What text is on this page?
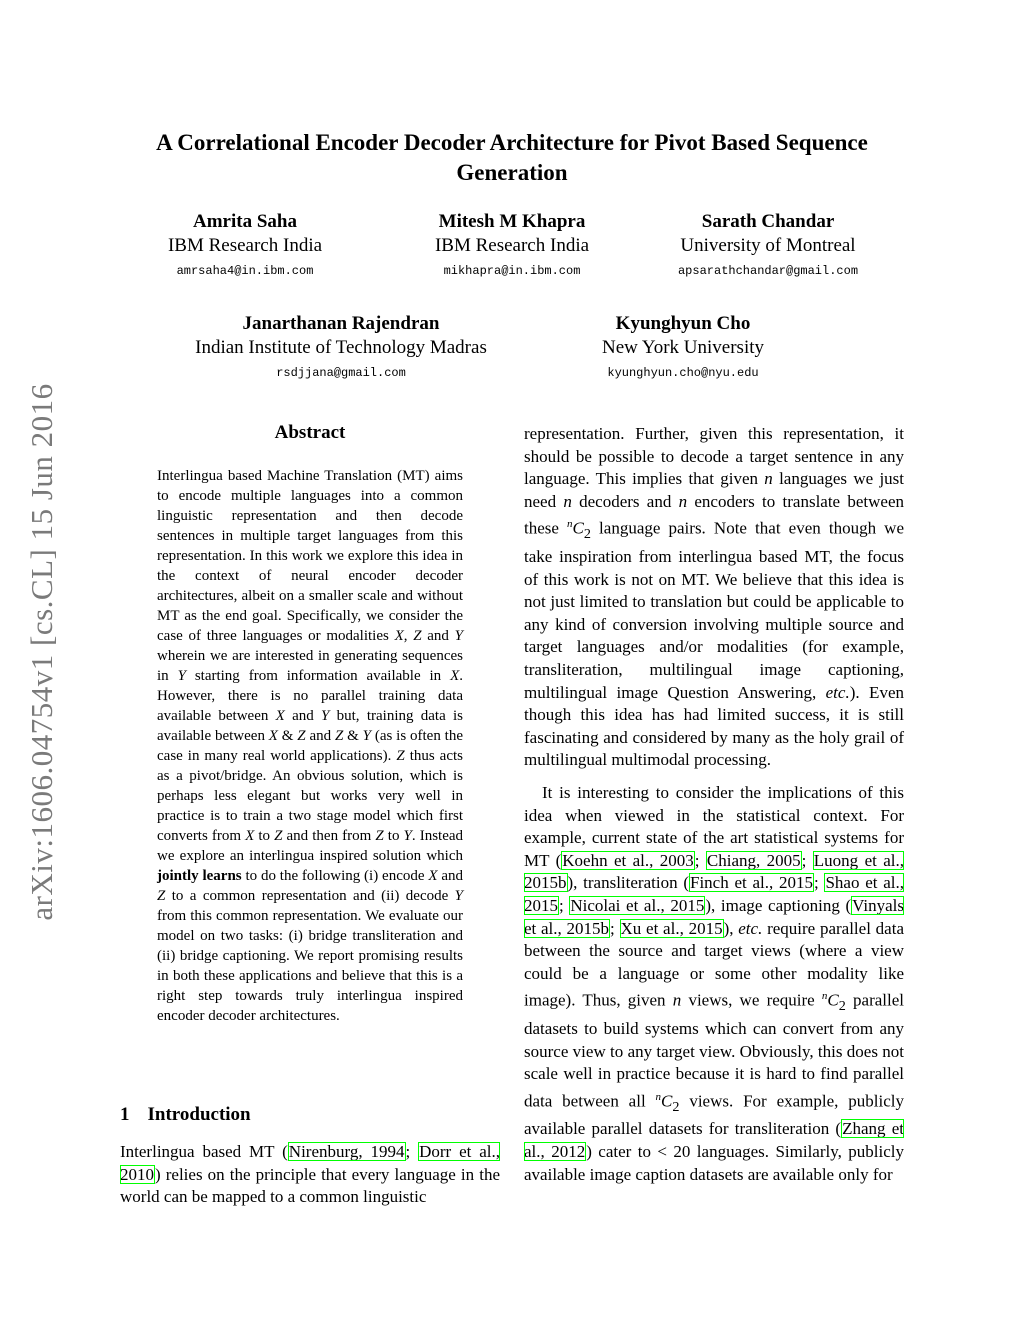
arXiv:1606.04754v1 [cs.CL] 15 Jun 2016
A Correlational Encoder Decoder Architecture for Pivot Based Sequence Generation
Amrita Saha
IBM Research India
amrsaha4@in.ibm.com
Mitesh M Khapra
IBM Research India
mikhapra@in.ibm.com
Sarath Chandar
University of Montreal
apsarathchandar@gmail.com
Janarthanan Rajendran
Indian Institute of Technology Madras
rsdjjana@gmail.com
Kyunghyun Cho
New York University
kyunghyun.cho@nyu.edu
Abstract
Interlingua based Machine Translation (MT) aims to encode multiple languages into a common linguistic representation and then decode sentences in multiple target languages from this representation. In this work we explore this idea in the context of neural encoder decoder architectures, albeit on a smaller scale and without MT as the end goal. Specifically, we consider the case of three languages or modalities X, Z and Y wherein we are interested in generating sequences in Y starting from information available in X. However, there is no parallel training data available between X and Y but, training data is available between X & Z and Z & Y (as is often the case in many real world applications). Z thus acts as a pivot/bridge. An obvious solution, which is perhaps less elegant but works very well in practice is to train a two stage model which first converts from X to Z and then from Z to Y. Instead we explore an interlingua inspired solution which jointly learns to do the following (i) encode X and Z to a common representation and (ii) decode Y from this common representation. We evaluate our model on two tasks: (i) bridge transliteration and (ii) bridge captioning. We report promising results in both these applications and believe that this is a right step towards truly interlingua inspired encoder decoder architectures.
1 Introduction
Interlingua based MT (Nirenburg, 1994; Dorr et al., 2010) relies on the principle that every language in the world can be mapped to a common linguistic

representation. Further, given this representation, it should be possible to decode a target sentence in any language. This implies that given n languages we just need n decoders and n encoders to translate between these $^nC_2$ language pairs. Note that even though we take inspiration from interlingua based MT, the focus of this work is not on MT. We believe that this idea is not just limited to translation but could be applicable to any kind of conversion involving multiple source and target languages and/or modalities (for example, transliteration, multilingual image captioning, multilingual image Question Answering, etc.). Even though this idea has had limited success, it is still fascinating and considered by many as the holy grail of multilingual multimodal processing.

It is interesting to consider the implications of this idea when viewed in the statistical context. For example, current state of the art statistical systems for MT (Koehn et al., 2003; Chiang, 2005; Luong et al., 2015b), transliteration (Finch et al., 2015; Shao et al., 2015; Nicolai et al., 2015), image captioning (Vinyals et al., 2015b; Xu et al., 2015), etc. require parallel data between the source and target views (where a view could be a language or some other modality like image). Thus, given n views, we require $^nC_2$ parallel datasets to build systems which can convert from any source view to any target view. Obviously, this does not scale well in practice because it is hard to find parallel data between all $^nC_2$ views. For example, publicly available parallel datasets for transliteration (Zhang et al., 2012) cater to < 20 languages. Similarly, publicly available image caption datasets are available only for
